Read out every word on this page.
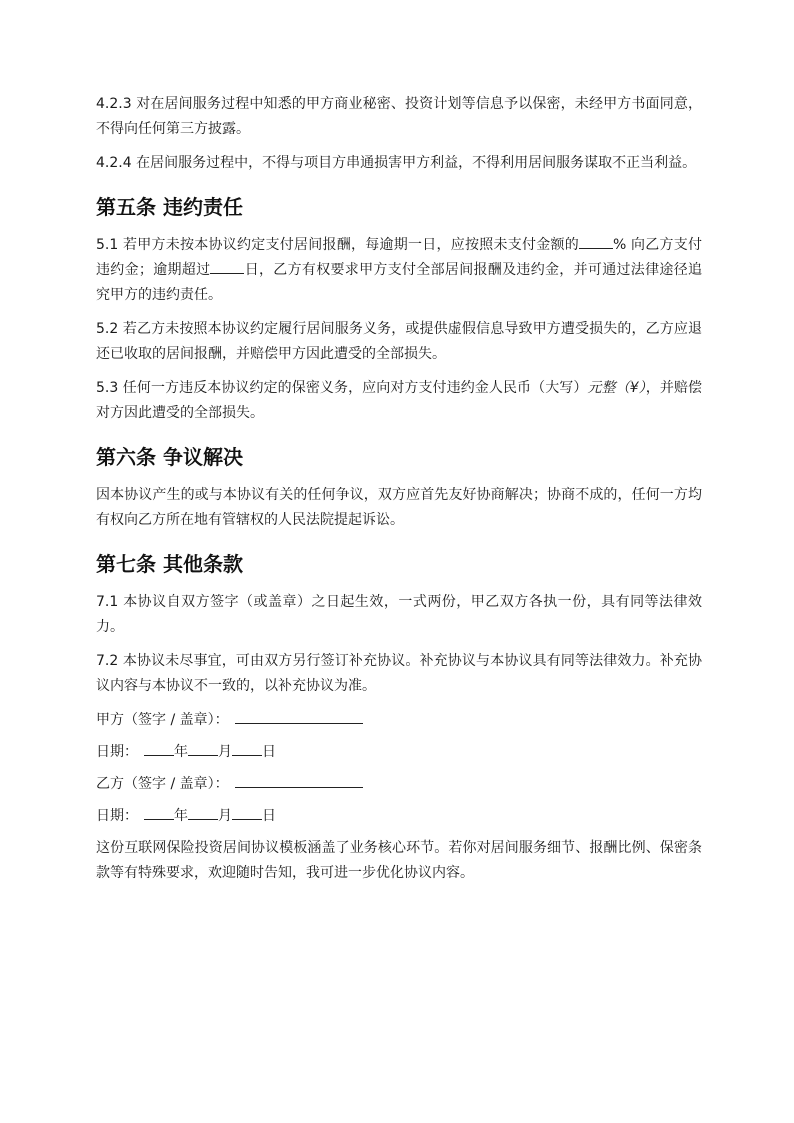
4.2.3 对在居间服务过程中知悉的甲方商业秘密、投资计划等信息予以保密，未经甲方书面同意，不得向任何第三方披露。

4.2.4 在居间服务过程中，不得与项目方串通损害甲方利益，不得利用居间服务谋取不正当利益。

第五条 违约责任

5.1 若甲方未按本协议约定支付居间报酬，每逾期一日，应按照未支付金额的 % 向乙方支付违约金；逾期超过 日，乙方有权要求甲方支付全部居间报酬及违约金，并可通过法律途径追究甲方的违约责任。

5.2 若乙方未按照本协议约定履行居间服务义务，或提供虚假信息导致甲方遭受损失的，乙方应退还已收取的居间报酬，并赔偿甲方因此遭受的全部损失。

5.3 任何一方违反本协议约定的保密义务，应向对方支付违约金人民币（大写）元整（¥），并赔偿对方因此遭受的全部损失。

第六条 争议解决

因本协议产生的或与本协议有关的任何争议，双方应首先友好协商解决；协商不成的，任何一方均有权向乙方所在地有管辖权的人民法院提起诉讼。

第七条 其他条款

7.1 本协议自双方签字（或盖章）之日起生效，一式两份，甲乙双方各执一份，具有同等法律效力。

7.2 本协议未尽事宜，可由双方另行签订补充协议。补充协议与本协议具有同等法律效力。补充协议内容与本协议不一致的，以补充协议为准。

甲方（签字 / 盖章）：
日期：	年 月 日
乙方（签字 / 盖章）：
日期：	年 月 日

这份互联网保险投资居间协议模板涵盖了业务核心环节。若你对居间服务细节、报酬比例、保密条款等有特殊要求，欢迎随时告知，我可进一步优化协议内容。
